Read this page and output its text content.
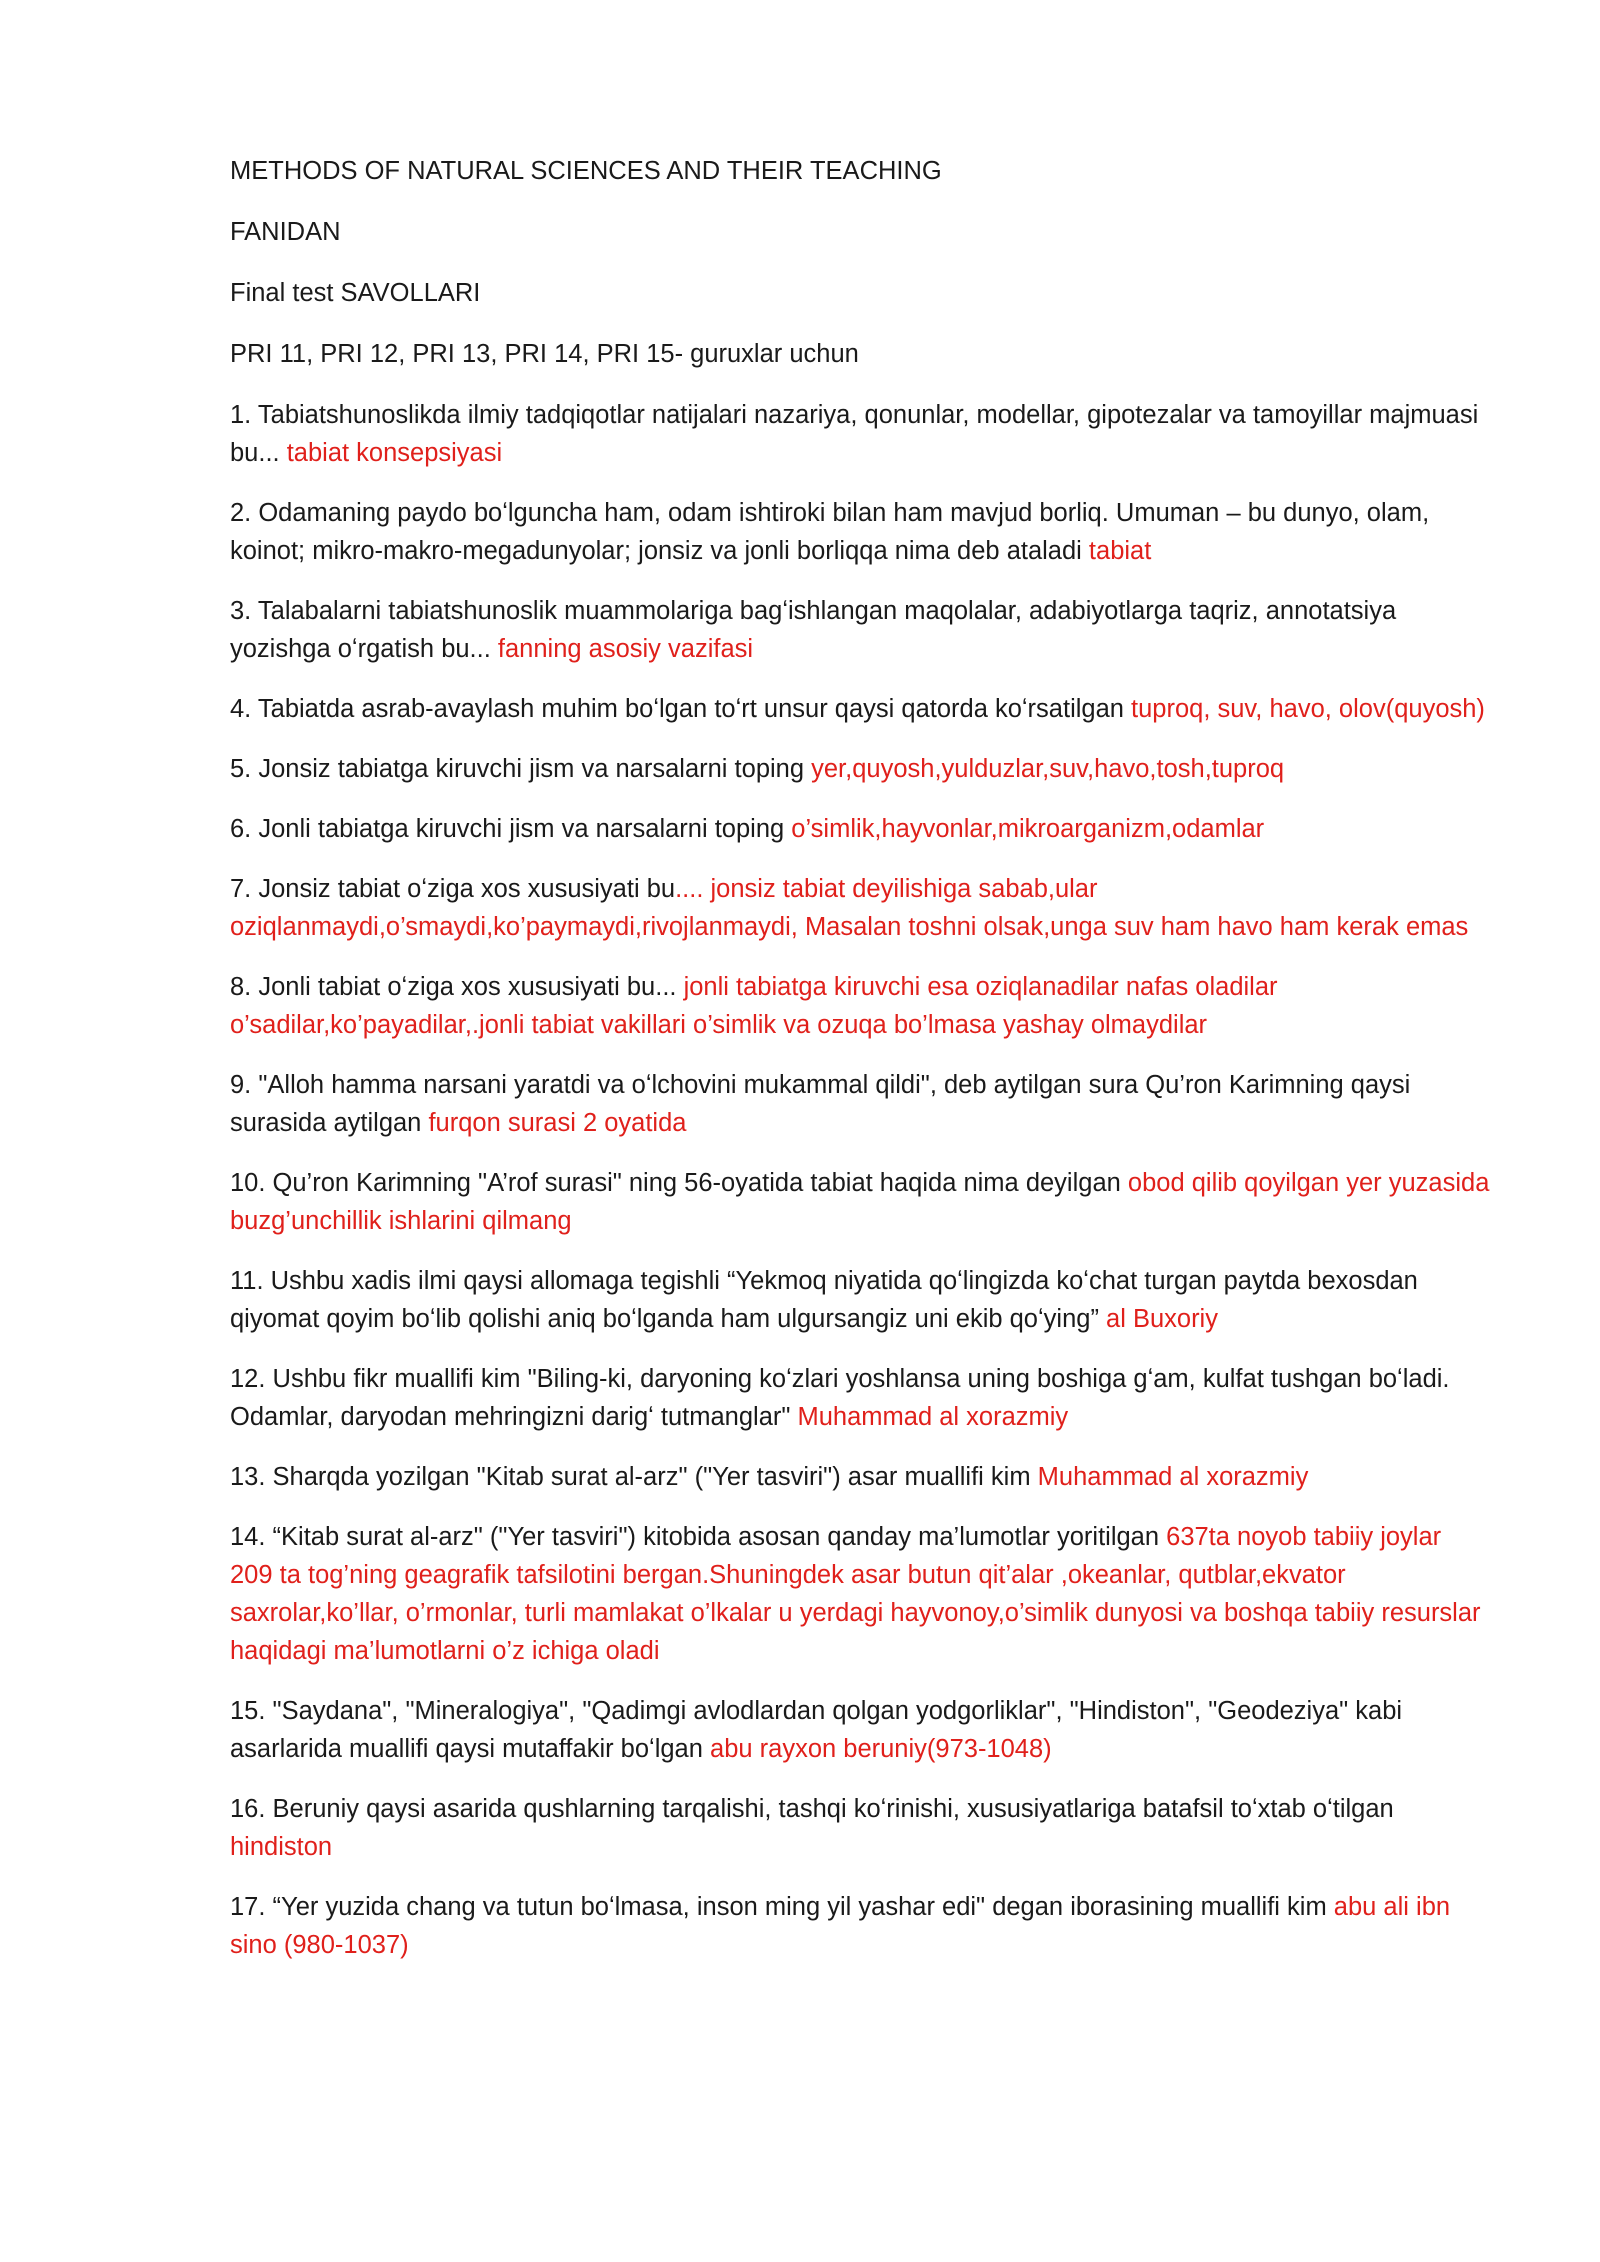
METHODS OF NATURAL SCIENCES AND THEIR TEACHING

FANIDAN

Final test SAVOLLARI

PRI 11, PRI 12, PRI 13, PRI 14, PRI 15- guruxlar uchun

1. Tabiatshunoslikda ilmiy tadqiqotlar natijalari nazariya, qonunlar, modellar, gipotezalar va tamoyillar majmuasi bu... tabiat konsepsiyasi

2. Odamaning paydo boʻlguncha ham, odam ishtiroki bilan ham mavjud borliq. Umuman – bu dunyo, olam, koinot; mikro-makro-megadunyolar; jonsiz va jonli borliqqa nima deb ataladi tabiat

3. Talabalarni tabiatshunoslik muammolariga bagʻishlangan maqolalar, adabiyotlarga taqriz, annotatsiya yozishga oʻrgatish bu... fanning asosiy vazifasi

4. Tabiatda asrab-avaylash muhim boʻlgan toʻrt unsur qaysi qatorda koʻrsatilgan tuproq, suv, havo, olov(quyosh)

5. Jonsiz tabiatga kiruvchi jism va narsalarni toping yer,quyosh,yulduzlar,suv,havo,tosh,tuproq

6. Jonli tabiatga kiruvchi jism va narsalarni toping o’simlik,hayvonlar,mikroarganizm,odamlar

7. Jonsiz tabiat oʻziga xos xususiyati bu.... jonsiz tabiat deyilishiga sabab,ular oziqlanmaydi,o’smaydi,ko’paymaydi,rivojlanmaydi, Masalan toshni olsak,unga suv ham havo ham kerak emas

8. Jonli tabiat oʻziga xos xususiyati bu... jonli tabiatga kiruvchi esa oziqlanadilar nafas oladilar o’sadilar,ko’payadilar,.jonli tabiat vakillari o’simlik va ozuqa bo’lmasa yashay olmaydilar

9. "Alloh hamma narsani yaratdi va oʻlchovini mukammal qildi", deb aytilgan sura Qu’ron Karimning qaysi surasida aytilgan furqon surasi 2 oyatida

10. Qu’ron Karimning "A’rof surasi" ning 56-oyatida tabiat haqida nima deyilgan obod qilib qoyilgan yer yuzasida buzg’unchillik ishlarini qilmang

11. Ushbu xadis ilmi qaysi allomaga tegishli “Yekmoq niyatida qoʻlingizda koʻchat turgan paytda bexosdan qiyomat qoyim boʻlib qolishi aniq boʻlganda ham ulgursangiz uni ekib qoʻying” al Buxoriy

12. Ushbu fikr muallifi kim "Biling-ki, daryoning koʻzlari yoshlansa uning boshiga gʻam, kulfat tushgan boʻladi. Odamlar, daryodan mehringizni darigʻ tutmanglar" Muhammad al xorazmiy

13. Sharqda yozilgan "Kitab surat al-arz" ("Yer tasviri") asar muallifi kim Muhammad al xorazmiy

14. “Kitab surat al-arz" ("Yer tasviri") kitobida asosan qanday ma’lumotlar yoritilgan 637ta noyob tabiiy joylar 209 ta tog’ning geagrafik tafsilotini bergan.Shuningdek asar butun qit’alar ,okeanlar, qutblar,ekvator saxrolar,ko’llar, o’rmonlar, turli mamlakat o’lkalar u yerdagi hayvonoy,o’simlik dunyosi va boshqa tabiiy resurslar haqidagi ma’lumotlarni o’z ichiga oladi

15. "Saydana", "Mineralogiya", "Qadimgi avlodlardan qolgan yodgorliklar", "Hindiston", "Geodeziya" kabi asarlarida muallifi qaysi mutaffakir boʻlgan abu rayxon beruniy(973-1048)

16. Beruniy qaysi asarida qushlarning tarqalishi, tashqi koʻrinishi, xususiyatlariga batafsil toʻxtab oʻtilgan hindiston

17. “Yer yuzida chang va tutun boʻlmasa, inson ming yil yashar edi" degan iborasining muallifi kim abu ali ibn sino (980-1037)
